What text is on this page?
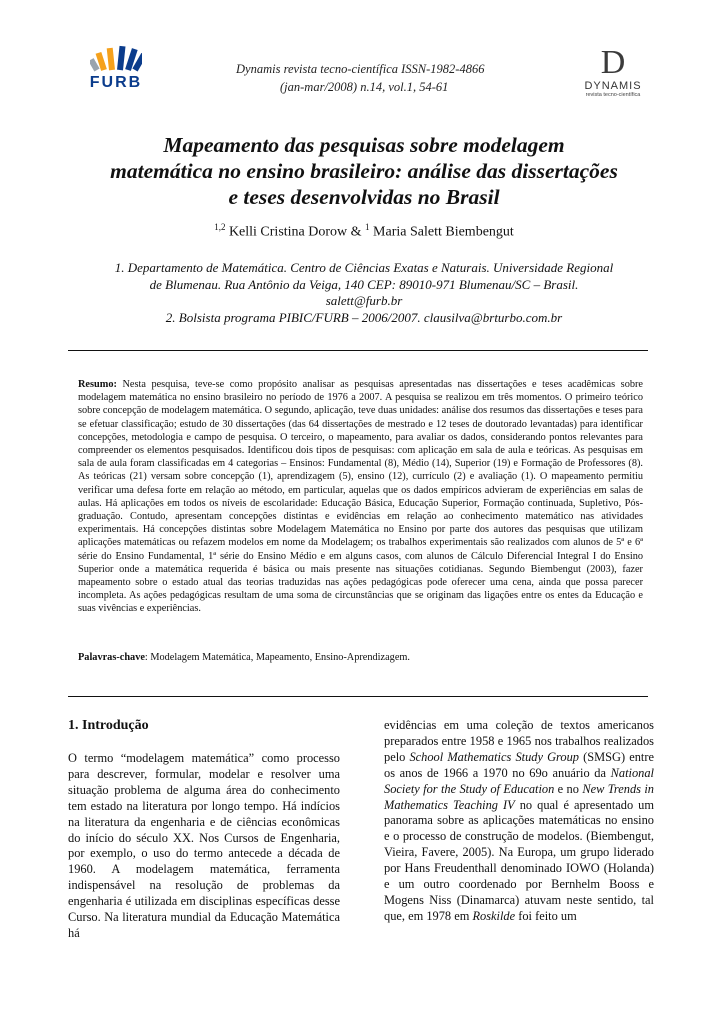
FURB
Dynamis revista tecno-científica ISSN-1982-4866
(jan-mar/2008) n.14, vol.1, 54-61
D
DYNAMIS
revista tecno-científica
Mapeamento das pesquisas sobre modelagem matemática no ensino brasileiro: análise das dissertações e teses desenvolvidas no Brasil
$^{1,2}$ Kelli Cristina Dorow & $^1$ Maria Salett Biembengut
1. Departamento de Matemática. Centro de Ciências Exatas e Naturais. Universidade Regional de Blumenau. Rua Antônio da Veiga, 140 CEP: 89010-971 Blumenau/SC – Brasil. salett@furb.br
2. Bolsista programa PIBIC/FURB – 2006/2007. clausilva@brturbo.com.br
Resumo: Nesta pesquisa, teve-se como propósito analisar as pesquisas apresentadas nas dissertações e teses acadêmicas sobre modelagem matemática no ensino brasileiro no período de 1976 a 2007. A pesquisa se realizou em três momentos. O primeiro teórico sobre concepção de modelagem matemática. O segundo, aplicação, teve duas unidades: análise dos resumos das dissertações e teses para se efetuar classificação; estudo de 30 dissertações (das 64 dissertações de mestrado e 12 teses de doutorado levantadas) para identificar concepções, metodologia e campo de pesquisa. O terceiro, o mapeamento, para avaliar os dados, considerando pontos relevantes para compreender os elementos pesquisados. Identificou dois tipos de pesquisas: com aplicação em sala de aula e teóricas. As pesquisas em sala de aula foram classificadas em 4 categorias – Ensinos: Fundamental (8), Médio (14), Superior (19) e Formação de Professores (8). As teóricas (21) versam sobre concepção (1), aprendizagem (5), ensino (12), currículo (2) e avaliação (1). O mapeamento permitiu verificar uma defesa forte em relação ao método, em particular, aquelas que os dados empíricos advieram de experiências em salas de aulas. Há aplicações em todos os níveis de escolaridade: Educação Básica, Educação Superior, Formação continuada, Supletivo, Pós-graduação. Contudo, apresentam concepções distintas e evidências em relação ao conhecimento matemático nas atividades experimentais. Há concepções distintas sobre Modelagem Matemática no Ensino por parte dos autores das pesquisas que utilizam aplicações matemáticas ou refazem modelos em nome da Modelagem; os trabalhos experimentais são realizados com alunos de 5ª e 6ª série do Ensino Fundamental, 1ª série do Ensino Médio e em alguns casos, com alunos de Cálculo Diferencial Integral I do Ensino Superior onde a matemática requerida é básica ou mais presente nas situações cotidianas. Segundo Biembengut (2003), fazer mapeamento sobre o estado atual das teorias traduzidas nas ações pedagógicas pode oferecer uma cena, ainda que possa parecer incompleta. As ações pedagógicas resultam de uma soma de circunstâncias que se originam das ligações entre os entes da Educação e suas vivências e experiências.
Palavras-chave: Modelagem Matemática, Mapeamento, Ensino-Aprendizagem.
1. Introdução
O termo “modelagem matemática” como processo para descrever, formular, modelar e resolver uma situação problema de alguma área do conhecimento tem estado na literatura por longo tempo. Há indícios na literatura da engenharia e de ciências econômicas do início do século XX. Nos Cursos de Engenharia, por exemplo, o uso do termo antecede a década de 1960. A modelagem matemática, ferramenta indispensável na resolução de problemas da engenharia é utilizada em disciplinas específicas desse Curso. Na literatura mundial da Educação Matemática há
evidências em uma coleção de textos americanos preparados entre 1958 e 1965 nos trabalhos realizados pelo School Mathematics Study Group (SMSG) entre os anos de 1966 a 1970 no 69o anuário da National Society for the Study of Education e no New Trends in Mathematics Teaching IV no qual é apresentado um panorama sobre as aplicações matemáticas no ensino e o processo de construção de modelos. (Biembengut, Vieira, Favere, 2005). Na Europa, um grupo liderado por Hans Freudenthall denominado IOWO (Holanda) e um outro coordenado por Bernhelm Booss e Mogens Niss (Dinamarca) atuvam neste sentido, tal que, em 1978 em Roskilde foi feito um
